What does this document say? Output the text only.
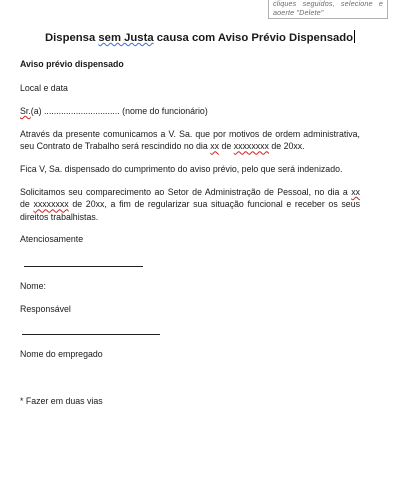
cliques seguidos, selecione e aoerte "Delete"
Dispensa sem Justa causa com Aviso Prévio Dispensado
Aviso prévio dispensado
Local e data
Sr.(a) ............................... (nome do funcionário)
Através da presente comunicamos a V. Sa. que por motivos de ordem administrativa, seu Contrato de Trabalho será rescindido no dia xx de xxxxxxxx de 20xx.
Fica V, Sa. dispensado do cumprimento do aviso prévio, pelo que será indenizado.
Solicitamos seu comparecimento ao Setor de Administração de Pessoal, no dia a xx de xxxxxxxx de 20xx, a fim de regularizar sua situação funcional e receber os seus direitos trabalhistas.
Atenciosamente
Nome:
Responsável
Nome do empregado
* Fazer em duas vias
